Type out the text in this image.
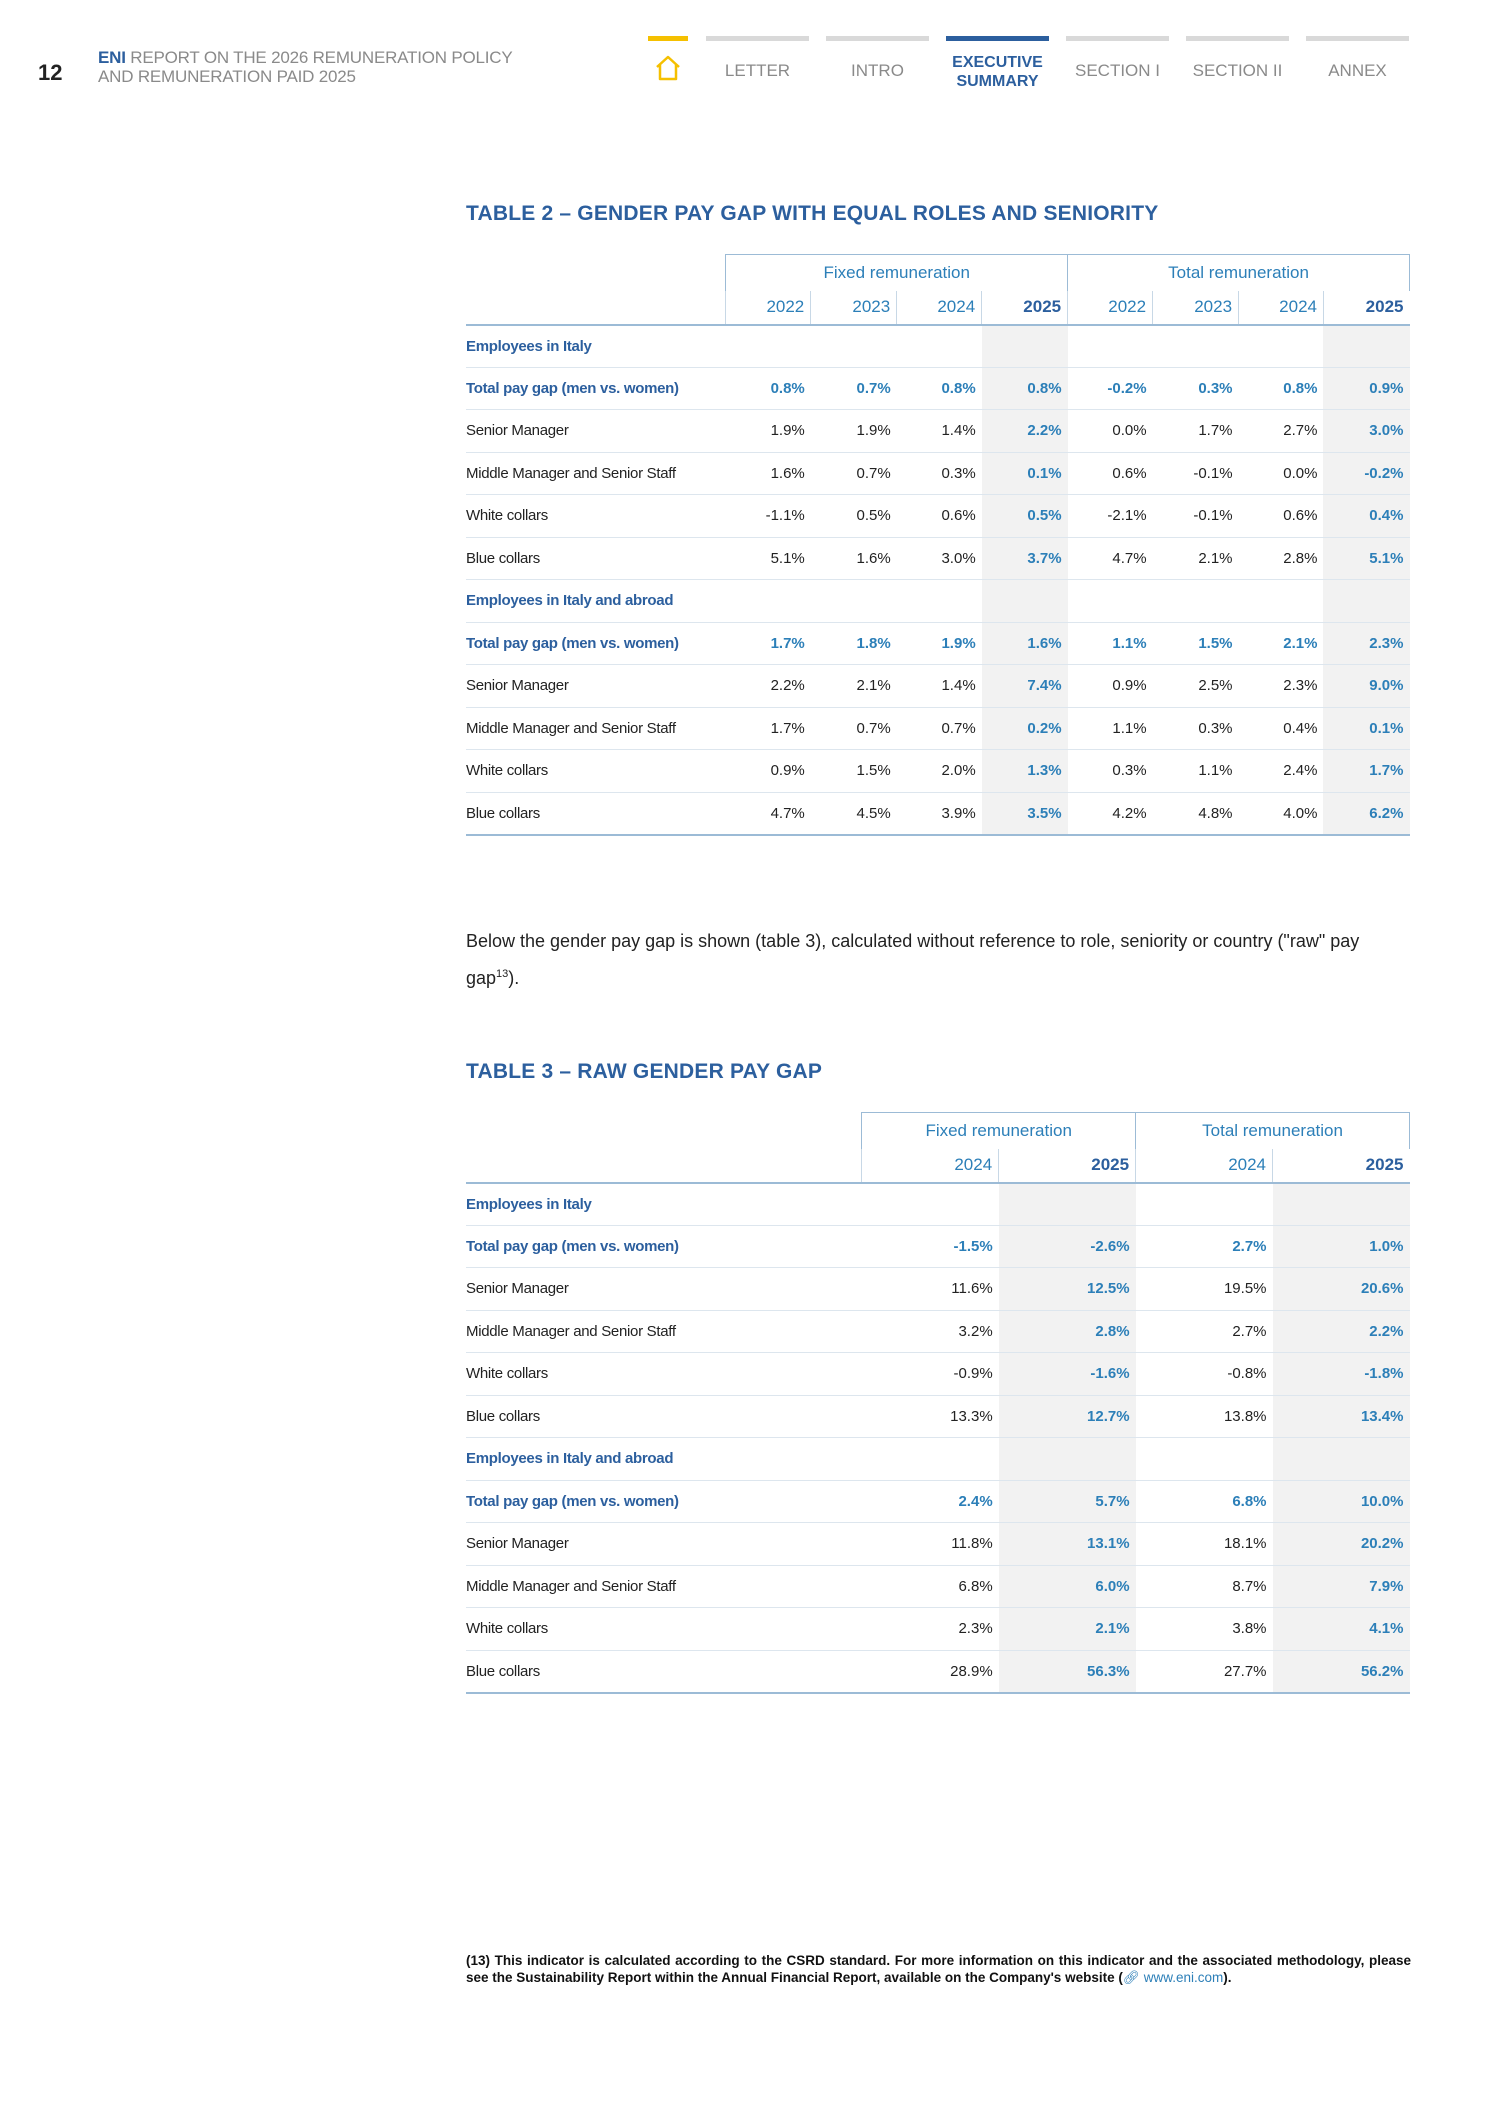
12
ENI REPORT ON THE 2026 REMUNERATION POLICY
AND REMUNERATION PAID 2025	LETTER	INTRO	EXECUTIVE
SUMMARY
SECTION I	SECTION II	ANNEX
TABLE 2 – GENDER PAY GAP WITH EQUAL ROLES AND SENIORITY
	Fixed remuneration				Total remuneration			
	2022	2023	2024	2025	2022	2023	2024	2025
Employees in Italy								
Total pay gap (men vs. women)	0.8%	0.7%	0.8%	0.8%	-0.2%	0.3%	0.8%	0.9%
Senior Manager	1.9%	1.9%	1.4%	2.2%	0.0%	1.7%	2.7%	3.0%
Middle Manager and Senior Staff	1.6%	0.7%	0.3%	0.1%	0.6%	-0.1%	0.0%	-0.2%
White collars	-1.1%	0.5%	0.6%	0.5%	-2.1%	-0.1%	0.6%	0.4%
Blue collars	5.1%	1.6%	3.0%	3.7%	4.7%	2.1%	2.8%	5.1%
Employees in Italy and abroad								
Total pay gap (men vs. women)	1.7%	1.8%	1.9%	1.6%	1.1%	1.5%	2.1%	2.3%
Senior Manager	2.2%	2.1%	1.4%	7.4%	0.9%	2.5%	2.3%	9.0%
Middle Manager and Senior Staff	1.7%	0.7%	0.7%	0.2%	1.1%	0.3%	0.4%	0.1%
White collars	0.9%	1.5%	2.0%	1.3%	0.3%	1.1%	2.4%	1.7%
Blue collars	4.7%	4.5%	3.9%	3.5%	4.2%	4.8%	4.0%	6.2%
Below the gender pay gap is shown (table 3), calculated without reference to role, seniority or country ("raw" pay gap$^{13}$).
TABLE 3 – RAW GENDER PAY GAP
	Fixed remuneration		Total remuneration	
	2024	2025	2024	2025
Employees in Italy				
Total pay gap (men vs. women)	-1.5%	-2.6%	2.7%	1.0%
Senior Manager	11.6%	12.5%	19.5%	20.6%
Middle Manager and Senior Staff	3.2%	2.8%	2.7%	2.2%
White collars	-0.9%	-1.6%	-0.8%	-1.8%
Blue collars	13.3%	12.7%	13.8%	13.4%
Employees in Italy and abroad				
Total pay gap (men vs. women)	2.4%	5.7%	6.8%	10.0%
Senior Manager	11.8%	13.1%	18.1%	20.2%
Middle Manager and Senior Staff	6.8%	6.0%	8.7%	7.9%
White collars	2.3%	2.1%	3.8%	4.1%
Blue collars	28.9%	56.3%	27.7%	56.2%
(13) This indicator is calculated according to the CSRD standard. For more information on this indicator and the associated methodology, please see the Sustainability Report within the Annual Financial Report, available on the Company's website (🔗︎ www.eni.com).
